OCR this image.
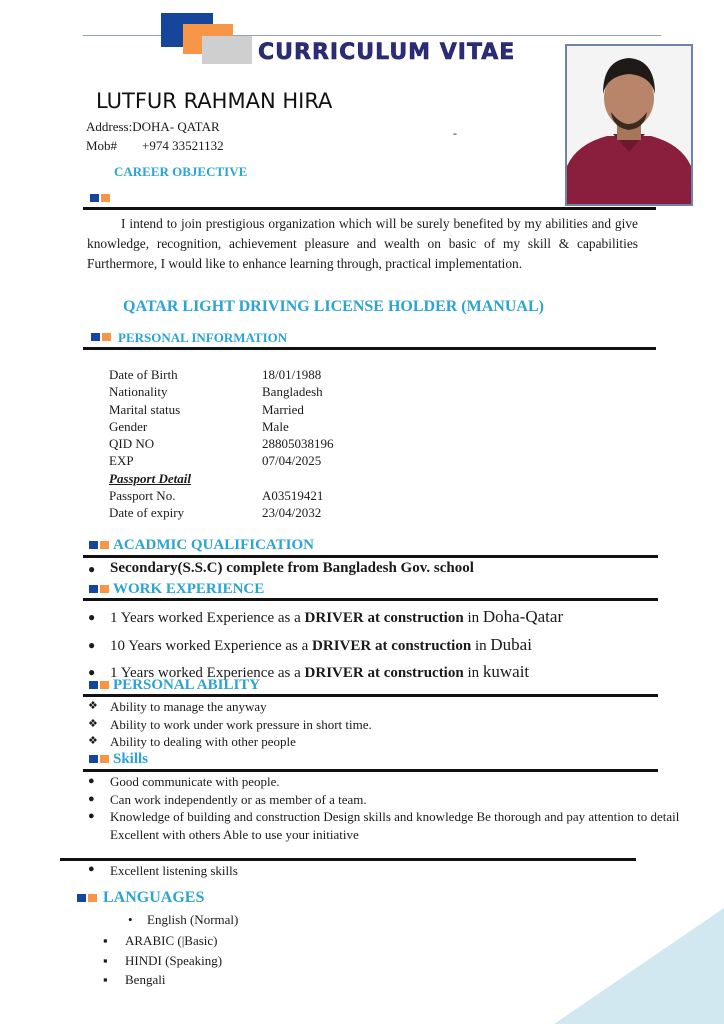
CURRICULUM VITAE
LUTFUR RAHMAN HIRA
Address:DOHA- QATAR
Mob# +974 33521132
-
CAREER OBJECTIVE
I intend to join prestigious organization which will be surely benefited by my abilities and give knowledge, recognition, achievement pleasure and wealth on basic of my skill & capabilities Furthermore, I would like to enhance learning through, practical implementation.
QATAR LIGHT DRIVING LICENSE HOLDER (MANUAL)
PERSONAL INFORMATION
Date of Birth	18/01/1988
Nationality	Bangladesh
Marital status	Married
Gender	Male
QID NO	28805038196
EXP	07/04/2025
Passport Detail
Passport No.	A03519421
Date of expiry	23/04/2032
ACADMIC QUALIFICATION
● Secondary(S.S.C) complete from Bangladesh Gov. school
WORK EXPERIENCE
● 1 Years worked Experience as a DRIVER at construction in Doha-Qatar
● 10 Years worked Experience as a DRIVER at construction in Dubai
● 1 Years worked Experience as a DRIVER at construction in kuwait
PERSONAL ABILITY
❖ Ability to manage the anyway
❖ Ability to work under work pressure in short time.
❖ Ability to dealing with other people
Skills
● Good communicate with people.
● Can work independently or as member of a team.
● Knowledge of building and construction Design skills and knowledge Be thorough and pay attention to detail Excellent with others Able to use your initiative
● Excellent listening skills
LANGUAGES
• English (Normal)
▪ ARABIC (|Basic)
▪ HINDI (Speaking)
▪ Bengali
